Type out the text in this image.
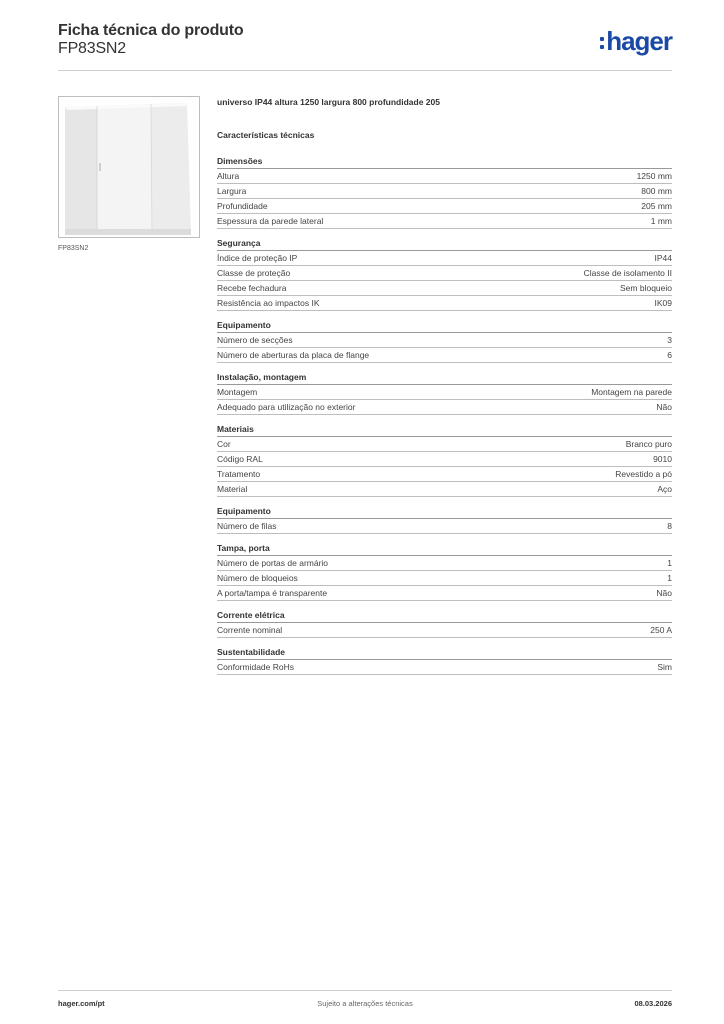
Ficha técnica do produto
FP83SN2	hager
FP83SN2
universo IP44 altura 1250 largura 800 profundidade 205
Características técnicas
Dimensões
Altura	1250 mm
Largura	800 mm
Profundidade	205 mm
Espessura da parede lateral	1 mm
Segurança
Índice de proteção IP	IP44
Classe de proteção	Classe de isolamento II
Recebe fechadura	Sem bloqueio
Resistência ao impactos IK	IK09
Equipamento
Número de secções	3
Número de aberturas da placa de flange	6
Instalação, montagem
Montagem	Montagem na parede
Adequado para utilização no exterior	Não
Materiais
Cor	Branco puro
Código RAL	9010
Tratamento	Revestido a pó
Material	Aço
Equipamento
Número de filas	8
Tampa, porta
Número de portas de armário	1
Número de bloqueios	1
A porta/tampa é transparente	Não
Corrente elétrica
Corrente nominal	250 A
Sustentabilidade
Conformidade RoHs	Sim
hager.com/pt	Sujeito a alterações técnicas	08.03.2026
